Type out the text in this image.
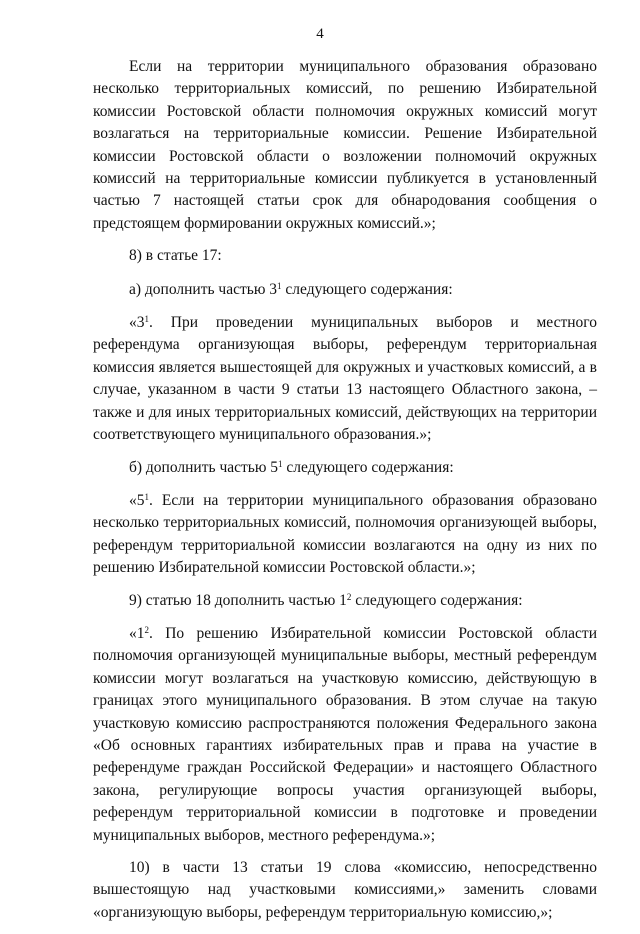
4

Если на территории муниципального образования образовано несколько территориальных комиссий, по решению Избирательной комиссии Ростовской области полномочия окружных комиссий могут возлагаться на территориальные комиссии. Решение Избирательной комиссии Ростовской области о возложении полномочий окружных комиссий на территориальные комиссии публикуется в установленный частью 7 настоящей статьи срок для обнародования сообщения о предстоящем формировании окружных комиссий.»;

8) в статье 17:

а) дополнить частью $3^1$ следующего содержания:

«$3^1$. При проведении муниципальных выборов и местного референдума организующая выборы, референдум территориальная комиссия является вышестоящей для окружных и участковых комиссий, а в случае, указанном в части 9 статьи 13 настоящего Областного закона, – также и для иных территориальных комиссий, действующих на территории соответствующего муниципального образования.»;

б) дополнить частью $5^1$ следующего содержания:

«$5^1$. Если на территории муниципального образования образовано несколько территориальных комиссий, полномочия организующей выборы, референдум территориальной комиссии возлагаются на одну из них по решению Избирательной комиссии Ростовской области.»;

9) статью 18 дополнить частью $1^2$ следующего содержания:

«$1^2$. По решению Избирательной комиссии Ростовской области полномочия организующей муниципальные выборы, местный референдум комиссии могут возлагаться на участковую комиссию, действующую в границах этого муниципального образования. В этом случае на такую участковую комиссию распространяются положения Федерального закона «Об основных гарантиях избирательных прав и права на участие в референдуме граждан Российской Федерации» и настоящего Областного закона, регулирующие вопросы участия организующей выборы, референдум территориальной комиссии в подготовке и проведении муниципальных выборов, местного референдума.»;

10) в части 13 статьи 19 слова «комиссию, непосредственно вышестоящую над участковыми комиссиями,» заменить словами «организующую выборы, референдум территориальную комиссию,»;
